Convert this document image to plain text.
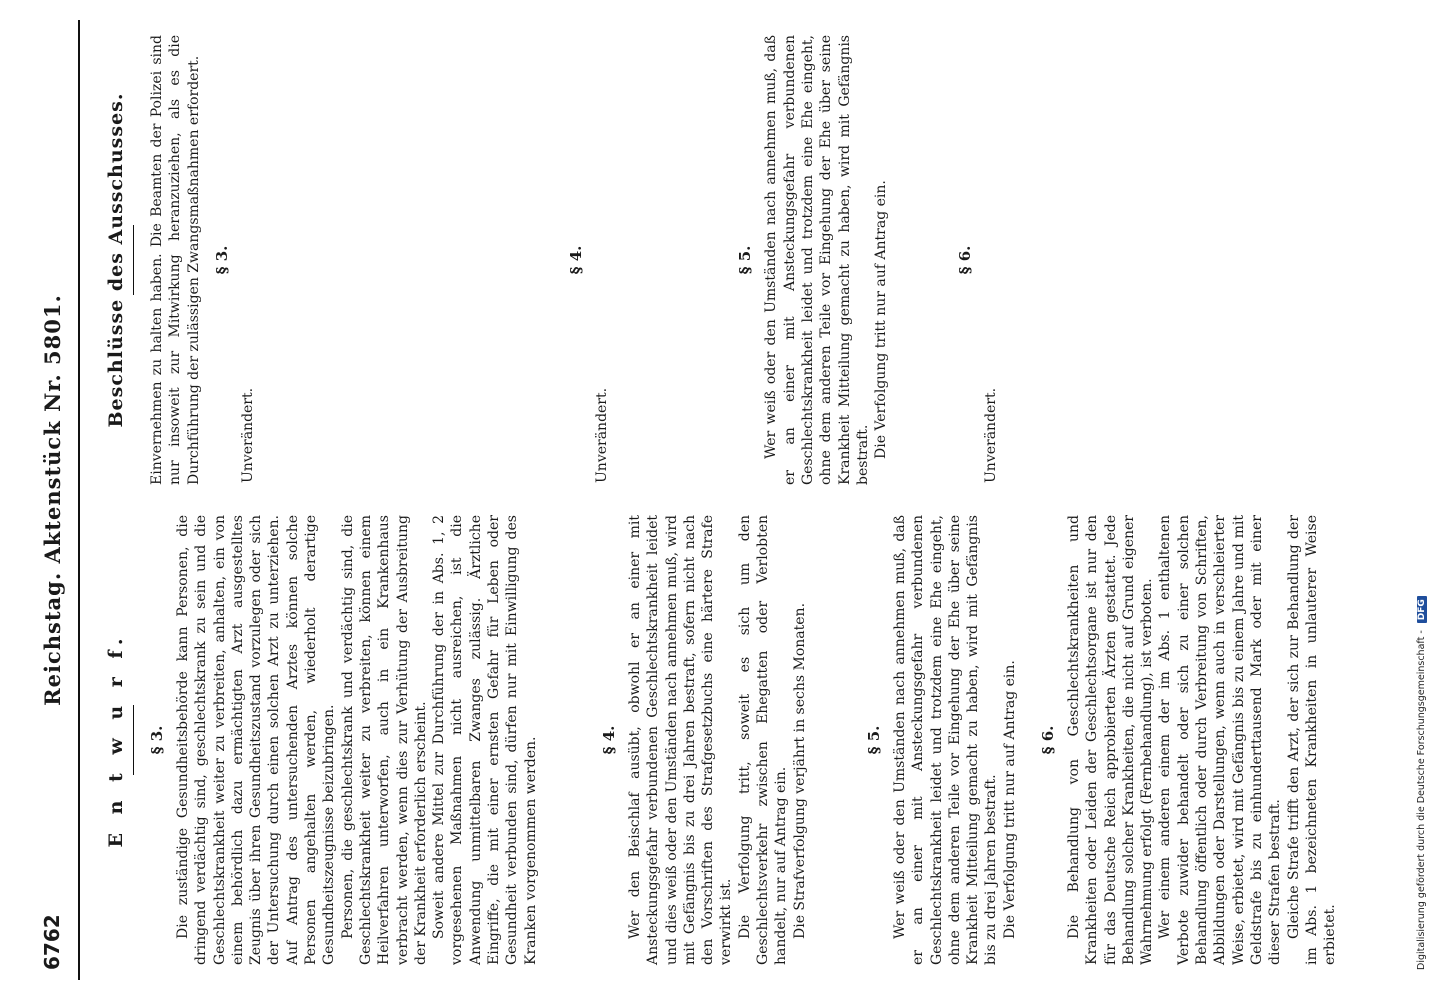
6762
Reichstag. Aktenstück Nr. 5801.
E n t w u r f. § 3. Die zuständige Gesundheitsbehörde kann Personen, die dringend verdächtig sind, geschlechtskrank zu sein und die Geschlechtskrankheit weiter zu verbreiten, anhalten, ein von einem behördlich dazu ermächtigten Arzt ausgestelltes Zeugnis über ihren Gesundheitszustand vorzulegen oder sich der Untersuchung durch einen solchen Arzt zu unterziehen. Auf Antrag des untersuchenden Arztes können solche Personen angehalten werden, wiederholt derartige Gesundheitszeugnisse beizubringen. Personen, die geschlechtskrank und verdächtig sind, die Geschlechtskrankheit weiter zu verbreiten, können einem Heilverfahren unterworfen, auch in ein Krankenhaus verbracht werden, wenn dies zur Verhütung der Ausbreitung der Krankheit erforderlich erscheint. Soweit andere Mittel zur Durchführung der in Abs. 1, 2 vorgesehenen Maßnahmen nicht ausreichen, ist die Anwendung unmittelbaren Zwanges zulässig. Ärztliche Eingriffe, die mit einer ernsten Gefahr für Leben oder Gesundheit verbunden sind, dürfen nur mit Einwilligung des Kranken vorgenommen werden.	§ 4. Wer den Beischlaf ausübt, obwohl er an einer mit Ansteckungsgefahr verbundenen Geschlechtskrankheit leidet und dies weiß oder den Umständen nach annehmen muß, wird mit Gefängnis bis zu drei Jahren bestraft, sofern nicht nach den Vorschriften des Strafgesetzbuchs eine härtere Strafe verwirkt ist. Die Verfolgung tritt, soweit es sich um den Geschlechtsverkehr zwischen Ehegatten oder Verlobten handelt, nur auf Antrag ein. Die Strafverfolgung verjährt in sechs Monaten.	§ 5. Wer weiß oder den Umständen nach annehmen muß, daß er an einer mit Ansteckungsgefahr verbundenen Geschlechtskrankheit leidet und trotzdem eine Ehe eingeht, ohne dem anderen Teile vor Eingehung der Ehe über seine Krankheit Mitteilung gemacht zu haben, wird mit Gefängnis bis zu drei Jahren bestraft. Die Verfolgung tritt nur auf Antrag ein. § 6. Die Behandlung von Geschlechtskrankheiten und Krankheiten oder Leiden der Geschlechtsorgane ist nur den für das Deutsche Reich approbierten Ärzten gestattet. Jede Behandlung solcher Krankheiten, die nicht auf Grund eigener Wahrnehmung erfolgt (Fernbehandlung), ist verboten. Wer einem anderen einem der im Abs. 1 enthaltenen Verbote zuwider behandelt oder sich zu einer solchen Behandlung öffentlich oder durch Verbreitung von Schriften, Abbildungen oder Darstellungen, wenn auch in verschleierter Weise, erbietet, wird mit Gefängnis bis zu einem Jahre und mit Geldstrafe bis zu einhunderttausend Mark oder mit einer dieser Strafen bestraft. Gleiche Strafe trifft den Arzt, der sich zur Behandlung der im Abs. 1 bezeichneten Krankheiten in unlauterer Weise erbietet.

Beschlüsse des Ausschusses. Einvernehmen zu halten haben. Die Beamten der Polizei sind nur insoweit zur Mitwirkung heranzuziehen, als es die Durchführung der zulässigen Zwangsmaßnahmen erfordert. § 3.

Unverändert.

§ 4.

Unverändert.

§ 5. Wer weiß oder den Umständen nach annehmen muß, daß er an einer mit Ansteckungsgefahr verbundenen Geschlechtskrankheit leidet und trotzdem eine Ehe eingeht, ohne dem anderen Teile vor Eingehung der Ehe über seine Krankheit Mitteilung gemacht zu haben, wird mit Gefängnis bestraft. Die Verfolgung tritt nur auf Antrag ein.	§ 6.

Unverändert.

Digitalisierung gefördert durch die Deutsche Forschungsgemeinschaft - DFG
